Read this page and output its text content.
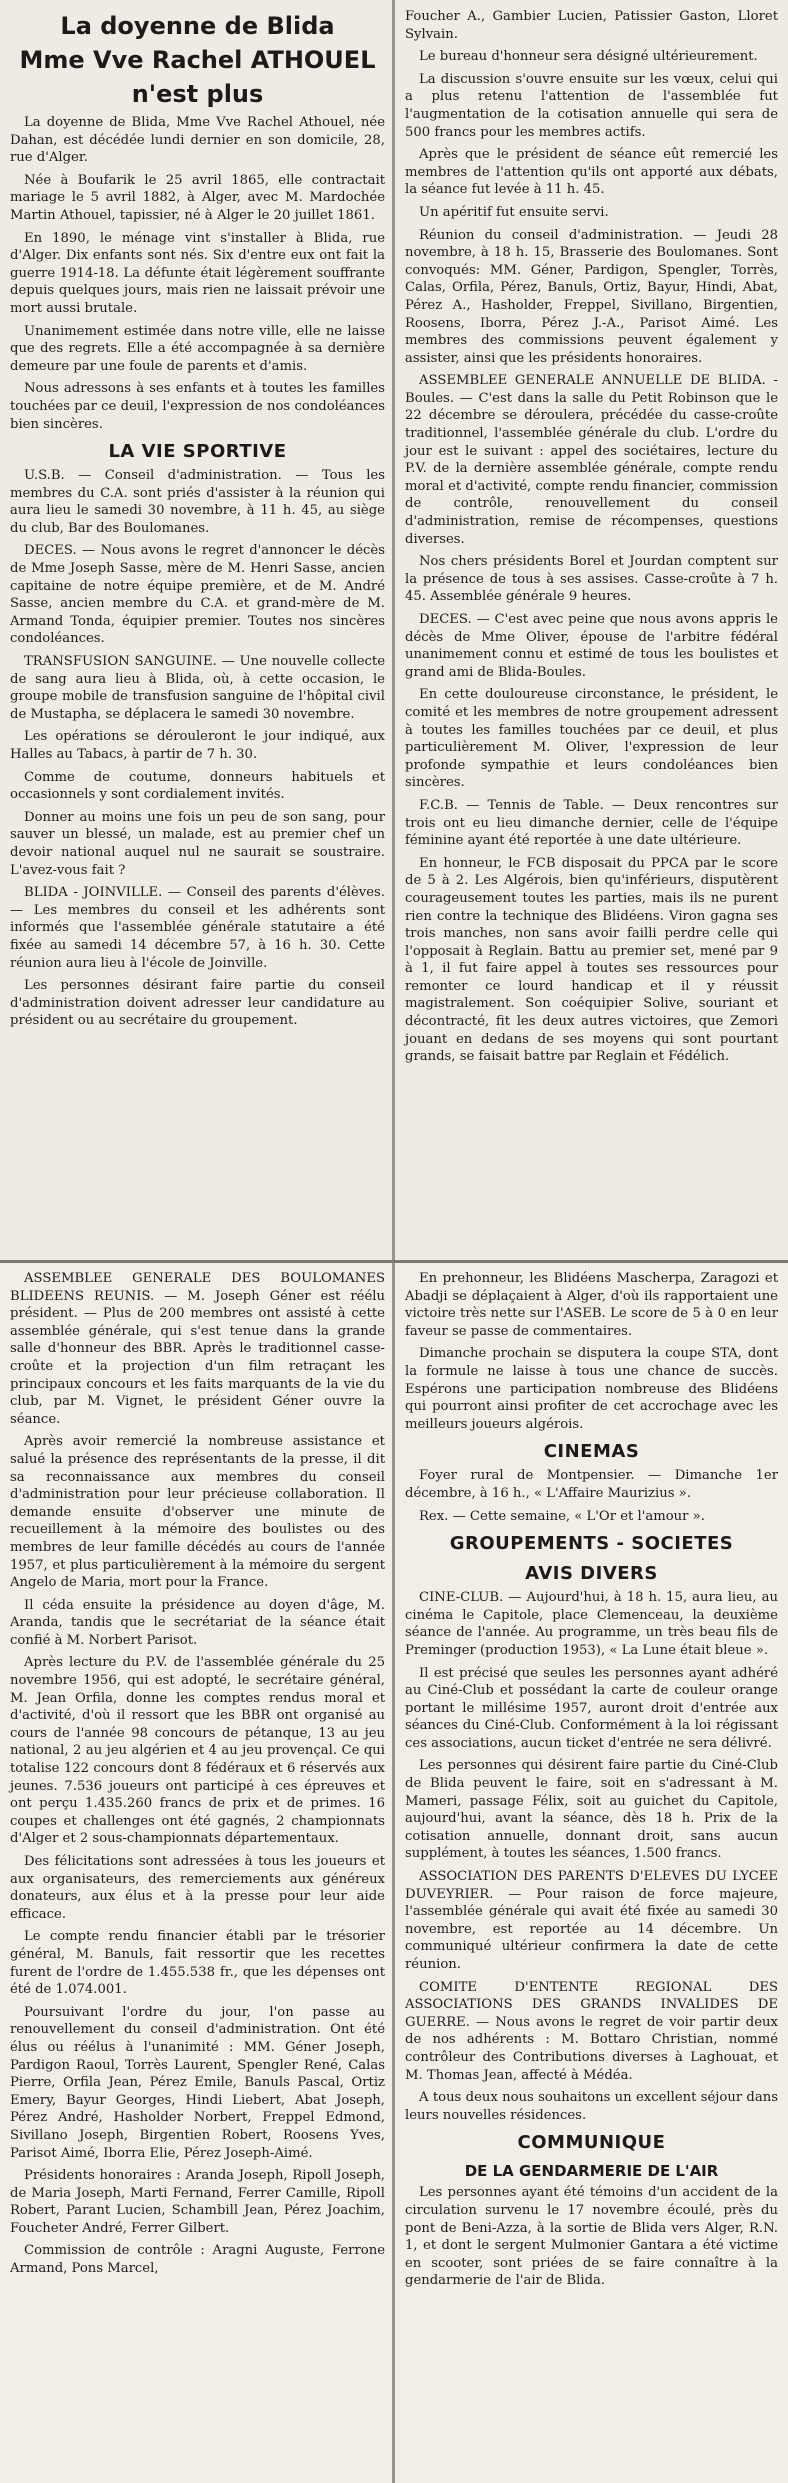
La doyenne de Blida
Mme Vve Rachel ATHOUEL
n'est plus

La doyenne de Blida, Mme Vve Rachel Athouel, née Dahan, est décédée lundi dernier en son domicile, 28, rue d'Alger.

Née à Boufarik le 25 avril 1865, elle contractait mariage le 5 avril 1882, à Alger, avec M. Mardochée Martin Athouel, tapissier, né à Alger le 20 juillet 1861.

En 1890, le ménage vint s'installer à Blida, rue d'Alger. Dix enfants sont nés. Six d'entre eux ont fait la guerre 1914-18. La défunte était légèrement souffrante depuis quelques jours, mais rien ne laissait prévoir une mort aussi brutale.

Unanimement estimée dans notre ville, elle ne laisse que des regrets. Elle a été accompagnée à sa dernière demeure par une foule de parents et d'amis.

Nous adressons à ses enfants et à toutes les familles touchées par ce deuil, l'expression de nos condoléances bien sincères.

LA VIE SPORTIVE

U.S.B. — Conseil d'administration. — Tous les membres du C.A. sont priés d'assister à la réunion qui aura lieu le samedi 30 novembre, à 11 h. 45, au siège du club, Bar des Boulomanes.

DECES. — Nous avons le regret d'annoncer le décès de Mme Joseph Sasse, mère de M. Henri Sasse, ancien capitaine de notre équipe première, et de M. André Sasse, ancien membre du C.A. et grand-mère de M. Armand Tonda, équipier premier. Toutes nos sincères condoléances.

TRANSFUSION SANGUINE. — Une nouvelle collecte de sang aura lieu à Blida, où, à cette occasion, le groupe mobile de transfusion sanguine de l'hôpital civil de Mustapha, se déplacera le samedi 30 novembre.

Les opérations se dérouleront le jour indiqué, aux Halles au Tabacs, à partir de 7 h. 30.

Comme de coutume, donneurs habituels et occasionnels y sont cordialement invités.

Donner au moins une fois un peu de son sang, pour sauver un blessé, un malade, est au premier chef un devoir national auquel nul ne saurait se soustraire. L'avez-vous fait ?

BLIDA - JOINVILLE. — Conseil des parents d'élèves. — Les membres du conseil et les adhérents sont informés que l'assemblée générale statutaire a été fixée au samedi 14 décembre 57, à 16 h. 30. Cette réunion aura lieu à l'école de Joinville.

Les personnes désirant faire partie du conseil d'administration doivent adresser leur candidature au président ou au secrétaire du groupement.

Foucher A., Gambier Lucien, Patissier Gaston, Lloret Sylvain.

Le bureau d'honneur sera désigné ultérieurement.

La discussion s'ouvre ensuite sur les vœux, celui qui a plus retenu l'attention de l'assemblée fut l'augmentation de la cotisation annuelle qui sera de 500 francs pour les membres actifs.

Après que le président de séance eût remercié les membres de l'attention qu'ils ont apporté aux débats, la séance fut levée à 11 h. 45.

Un apéritif fut ensuite servi.

Réunion du conseil d'administration. — Jeudi 28 novembre, à 18 h. 15, Brasserie des Boulomanes. Sont convoqués: MM. Géner, Pardigon, Spengler, Torrès, Calas, Orfila, Pérez, Banuls, Ortiz, Bayur, Hindi, Abat, Pérez A., Hasholder, Freppel, Sivillano, Birgentien, Roosens, Iborra, Pérez J.-A., Parisot Aimé. Les membres des commissions peuvent également y assister, ainsi que les présidents honoraires.

ASSEMBLEE GENERALE ANNUELLE DE BLIDA. - Boules. — C'est dans la salle du Petit Robinson que le 22 décembre se déroulera, précédée du casse-croûte traditionnel, l'assemblée générale du club. L'ordre du jour est le suivant : appel des sociétaires, lecture du P.V. de la dernière assemblée générale, compte rendu moral et d'activité, compte rendu financier, commission de contrôle, renouvellement du conseil d'administration, remise de récompenses, questions diverses.

Nos chers présidents Borel et Jourdan comptent sur la présence de tous à ses assises. Casse-croûte à 7 h. 45. Assemblée générale 9 heures.

DECES. — C'est avec peine que nous avons appris le décès de Mme Oliver, épouse de l'arbitre fédéral unanimement connu et estimé de tous les boulistes et grand ami de Blida-Boules.

En cette douloureuse circonstance, le président, le comité et les membres de notre groupement adressent à toutes les familles touchées par ce deuil, et plus particulièrement M. Oliver, l'expression de leur profonde sympathie et leurs condoléances bien sincères.

F.C.B. — Tennis de Table. — Deux rencontres sur trois ont eu lieu dimanche dernier, celle de l'équipe féminine ayant été reportée à une date ultérieure.

En honneur, le FCB disposait du PPCA par le score de 5 à 2. Les Algérois, bien qu'inférieurs, disputèrent courageusement toutes les parties, mais ils ne purent rien contre la technique des Blidéens. Viron gagna ses trois manches, non sans avoir failli perdre celle qui l'opposait à Reglain. Battu au premier set, mené par 9 à 1, il fut faire appel à toutes ses ressources pour remonter ce lourd handicap et il y réussit magistralement. Son coéquipier Solive, souriant et décontracté, fit les deux autres victoires, que Zemori jouant en dedans de ses moyens qui sont pourtant grands, se faisait battre par Reglain et Fédélich.

ASSEMBLEE GENERALE DES BOULOMANES BLIDEENS REUNIS. — M. Joseph Géner est réélu président. — Plus de 200 membres ont assisté à cette assemblée générale, qui s'est tenue dans la grande salle d'honneur des BBR. Après le traditionnel casse-croûte et la projection d'un film retraçant les principaux concours et les faits marquants de la vie du club, par M. Vignet, le président Géner ouvre la séance.

Après avoir remercié la nombreuse assistance et salué la présence des représentants de la presse, il dit sa reconnaissance aux membres du conseil d'administration pour leur précieuse collaboration. Il demande ensuite d'observer une minute de recueillement à la mémoire des boulistes ou des membres de leur famille décédés au cours de l'année 1957, et plus particulièrement à la mémoire du sergent Angelo de Maria, mort pour la France.

Il céda ensuite la présidence au doyen d'âge, M. Aranda, tandis que le secrétariat de la séance était confié à M. Norbert Parisot.

Après lecture du P.V. de l'assemblée générale du 25 novembre 1956, qui est adopté, le secrétaire général, M. Jean Orfila, donne les comptes rendus moral et d'activité, d'où il ressort que les BBR ont organisé au cours de l'année 98 concours de pétanque, 13 au jeu national, 2 au jeu algérien et 4 au jeu provençal. Ce qui totalise 122 concours dont 8 fédéraux et 6 réservés aux jeunes. 7.536 joueurs ont participé à ces épreuves et ont perçu 1.435.260 francs de prix et de primes. 16 coupes et challenges ont été gagnés, 2 championnats d'Alger et 2 sous-championnats départementaux.

Des félicitations sont adressées à tous les joueurs et aux organisateurs, des remerciements aux généreux donateurs, aux élus et à la presse pour leur aide efficace.

Le compte rendu financier établi par le trésorier général, M. Banuls, fait ressortir que les recettes furent de l'ordre de 1.455.538 fr., que les dépenses ont été de 1.074.001.

Poursuivant l'ordre du jour, l'on passe au renouvellement du conseil d'administration. Ont été élus ou réélus à l'unanimité : MM. Géner Joseph, Pardigon Raoul, Torrès Laurent, Spengler René, Calas Pierre, Orfila Jean, Pérez Emile, Banuls Pascal, Ortiz Emery, Bayur Georges, Hindi Liebert, Abat Joseph, Pérez André, Hasholder Norbert, Freppel Edmond, Sivillano Joseph, Birgentien Robert, Roosens Yves, Parisot Aimé, Iborra Elie, Pérez Joseph-Aimé.

Présidents honoraires : Aranda Joseph, Ripoll Joseph, de Maria Joseph, Marti Fernand, Ferrer Camille, Ripoll Robert, Parant Lucien, Schambill Jean, Pérez Joachim, Foucheter André, Ferrer Gilbert.

Commission de contrôle : Aragni Auguste, Ferrone Armand, Pons Marcel,

En prehonneur, les Blidéens Mascherpa, Zaragozi et Abadji se déplaçaient à Alger, d'où ils rapportaient une victoire très nette sur l'ASEB. Le score de 5 à 0 en leur faveur se passe de commentaires.

Dimanche prochain se disputera la coupe STA, dont la formule ne laisse à tous une chance de succès. Espérons une participation nombreuse des Blidéens qui pourront ainsi profiter de cet accrochage avec les meilleurs joueurs algérois.

CINEMAS

Foyer rural de Montpensier. — Dimanche 1er décembre, à 16 h., « L'Affaire Maurizius ».

Rex. — Cette semaine, « L'Or et l'amour ».

GROUPEMENTS - SOCIETES
AVIS DIVERS

CINE-CLUB. — Aujourd'hui, à 18 h. 15, aura lieu, au cinéma le Capitole, place Clemenceau, la deuxième séance de l'année. Au programme, un très beau fils de Preminger (production 1953), « La Lune était bleue ».

Il est précisé que seules les personnes ayant adhéré au Ciné-Club et possédant la carte de couleur orange portant le millésime 1957, auront droit d'entrée aux séances du Ciné-Club. Conformément à la loi régissant ces associations, aucun ticket d'entrée ne sera délivré.

Les personnes qui désirent faire partie du Ciné-Club de Blida peuvent le faire, soit en s'adressant à M. Mameri, passage Félix, soit au guichet du Capitole, aujourd'hui, avant la séance, dès 18 h. Prix de la cotisation annuelle, donnant droit, sans aucun supplément, à toutes les séances, 1.500 francs.

ASSOCIATION DES PARENTS D'ELEVES DU LYCEE DUVEYRIER. — Pour raison de force majeure, l'assemblée générale qui avait été fixée au samedi 30 novembre, est reportée au 14 décembre. Un communiqué ultérieur confirmera la date de cette réunion.

COMITE D'ENTENTE REGIONAL DES ASSOCIATIONS DES GRANDS INVALIDES DE GUERRE. — Nous avons le regret de voir partir deux de nos adhérents : M. Bottaro Christian, nommé contrôleur des Contributions diverses à Laghouat, et M. Thomas Jean, affecté à Médéa.

A tous deux nous souhaitons un excellent séjour dans leurs nouvelles résidences.

COMMUNIQUE
DE LA GENDARMERIE DE L'AIR

Les personnes ayant été témoins d'un accident de la circulation survenu le 17 novembre écoulé, près du pont de Beni-Azza, à la sortie de Blida vers Alger, R.N. 1, et dont le sergent Mulmonier Gantara a été victime en scooter, sont priées de se faire connaître à la gendarmerie de l'air de Blida.
